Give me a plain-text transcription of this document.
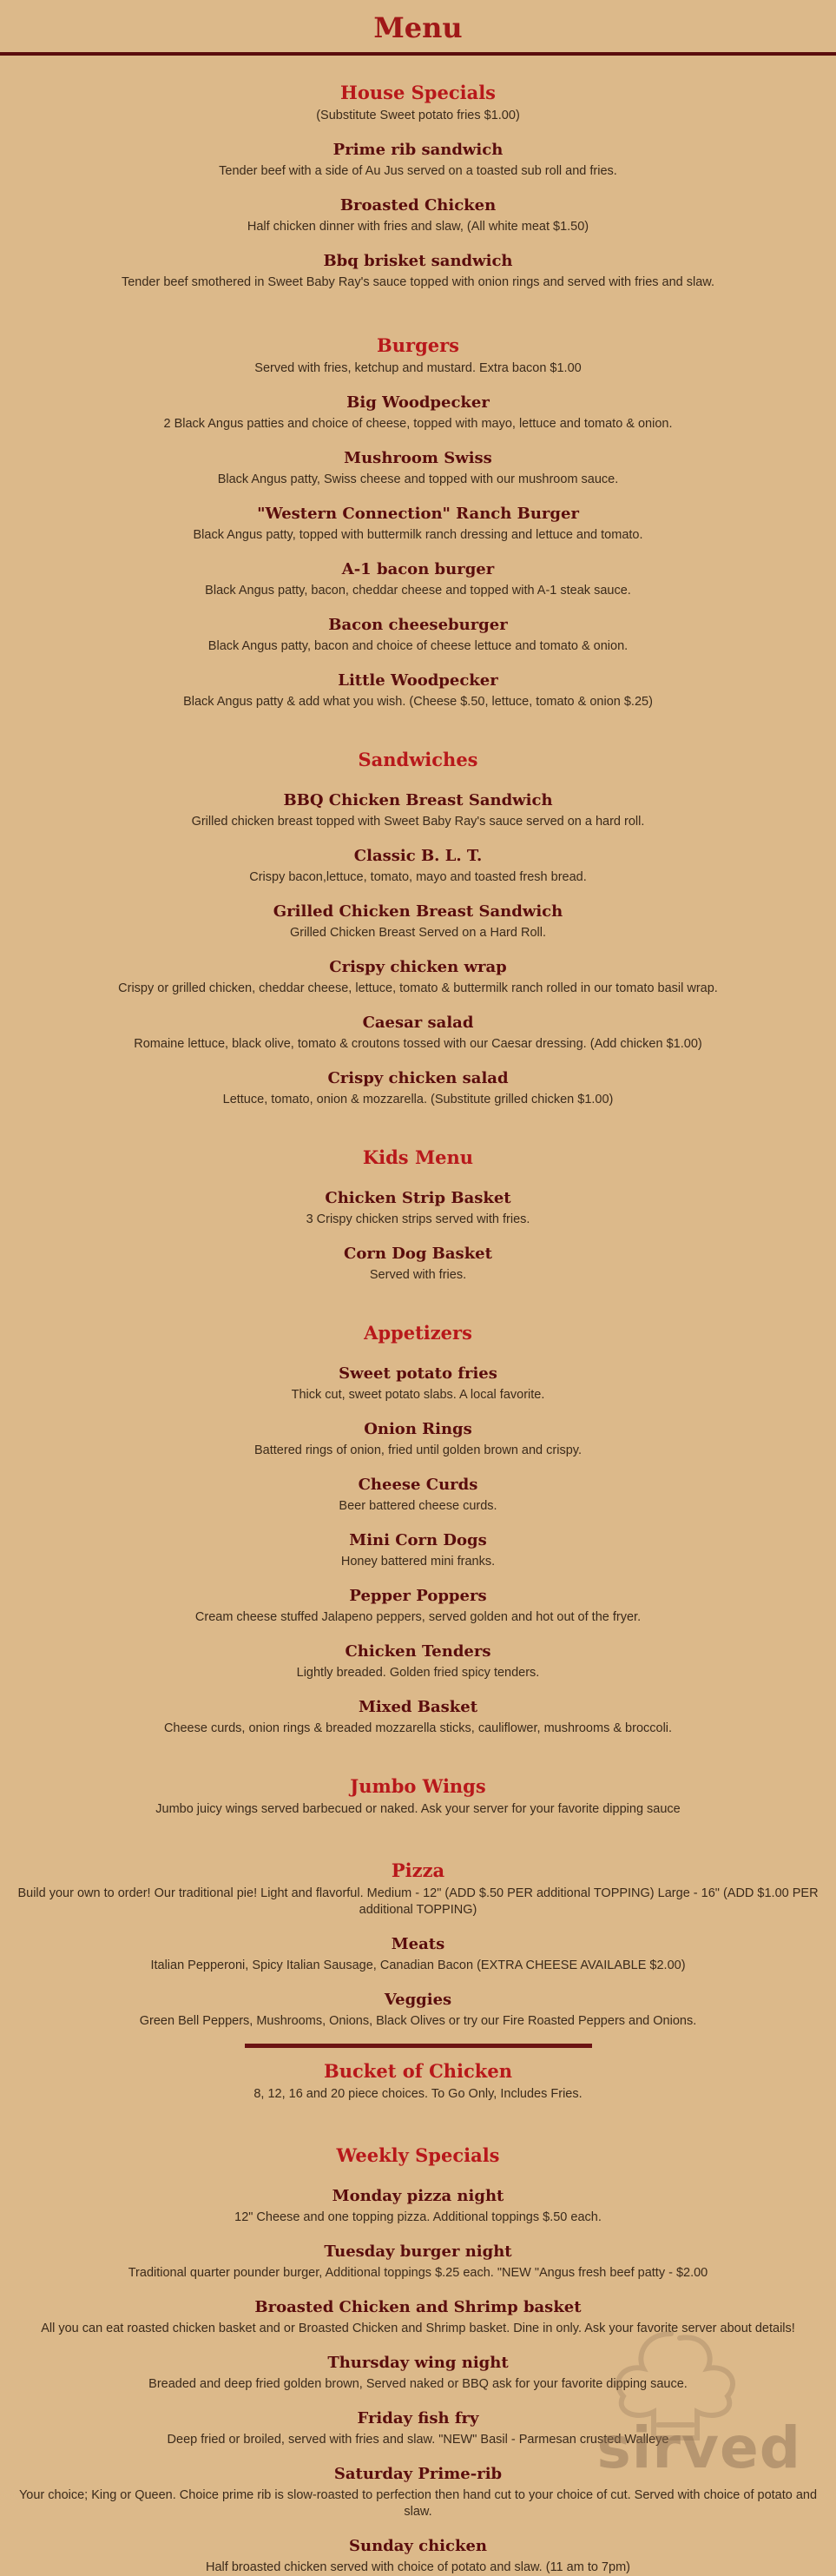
Menu
House Specials

(Substitute Sweet potato fries $1.00)

Prime rib sandwich

Tender beef with a side of Au Jus served on a toasted sub roll and fries.

Broasted Chicken

Half chicken dinner with fries and slaw, (All white meat $1.50)

Bbq brisket sandwich

Tender beef smothered in Sweet Baby Ray's sauce topped with onion rings and served with fries and slaw.

Burgers

Served with fries, ketchup and mustard. Extra bacon $1.00

Big Woodpecker

2 Black Angus patties and choice of cheese, topped with mayo, lettuce and tomato & onion.

Mushroom Swiss

Black Angus patty, Swiss cheese and topped with our mushroom sauce.

"Western Connection" Ranch Burger

Black Angus patty, topped with buttermilk ranch dressing and lettuce and tomato.

A-1 bacon burger

Black Angus patty, bacon, cheddar cheese and topped with A-1 steak sauce.

Bacon cheeseburger

Black Angus patty, bacon and choice of cheese lettuce and tomato & onion.

Little Woodpecker

Black Angus patty & add what you wish. (Cheese $.50, lettuce, tomato & onion $.25)

Sandwiches
BBQ Chicken Breast Sandwich

Grilled chicken breast topped with Sweet Baby Ray's sauce served on a hard roll.

Classic B. L. T.

Crispy bacon,lettuce, tomato, mayo and toasted fresh bread.

Grilled Chicken Breast Sandwich

Grilled Chicken Breast Served on a Hard Roll.

Crispy chicken wrap

Crispy or grilled chicken, cheddar cheese, lettuce, tomato & buttermilk ranch rolled in our tomato basil wrap.

Caesar salad

Romaine lettuce, black olive, tomato & croutons tossed with our Caesar dressing. (Add chicken $1.00)

Crispy chicken salad

Lettuce, tomato, onion & mozzarella. (Substitute grilled chicken $1.00)

Kids Menu
Chicken Strip Basket

3 Crispy chicken strips served with fries.

Corn Dog Basket

Served with fries.

Appetizers
Sweet potato fries

Thick cut, sweet potato slabs. A local favorite.

Onion Rings

Battered rings of onion, fried until golden brown and crispy.

Cheese Curds

Beer battered cheese curds.

Mini Corn Dogs

Honey battered mini franks.

Pepper Poppers

Cream cheese stuffed Jalapeno peppers, served golden and hot out of the fryer.

Chicken Tenders

Lightly breaded. Golden fried spicy tenders.

Mixed Basket

Cheese curds, onion rings & breaded mozzarella sticks, cauliflower, mushrooms & broccoli.

Jumbo Wings

Jumbo juicy wings served barbecued or naked. Ask your server for your favorite dipping sauce

Pizza

Build your own to order! Our traditional pie! Light and flavorful. Medium - 12" (ADD $.50 PER additional TOPPING) Large - 16" (ADD $1.00 PER additional TOPPING)

Meats

Italian Pepperoni, Spicy Italian Sausage, Canadian Bacon (EXTRA CHEESE AVAILABLE $2.00)

Veggies

Green Bell Peppers, Mushrooms, Onions, Black Olives or try our Fire Roasted Peppers and Onions.

Bucket of Chicken

8, 12, 16 and 20 piece choices. To Go Only, Includes Fries.

Weekly Specials
Monday pizza night

12" Cheese and one topping pizza. Additional toppings $.50 each.

Tuesday burger night

Traditional quarter pounder burger, Additional toppings $.25 each. "NEW "Angus fresh beef patty - $2.00

Broasted Chicken and Shrimp basket

All you can eat roasted chicken basket and or Broasted Chicken and Shrimp basket. Dine in only. Ask your favorite server about details!

Thursday wing night

Breaded and deep fried golden brown, Served naked or BBQ ask for your favorite dipping sauce.

Friday fish fry

Deep fried or broiled, served with fries and slaw. "NEW" Basil - Parmesan crusted Walleye

Saturday Prime-rib

Your choice; King or Queen. Choice prime rib is slow-roasted to perfection then hand cut to your choice of cut. Served with choice of potato and slaw.

Sunday chicken

Half broasted chicken served with choice of potato and slaw. (11 am to 7pm)

sirved
